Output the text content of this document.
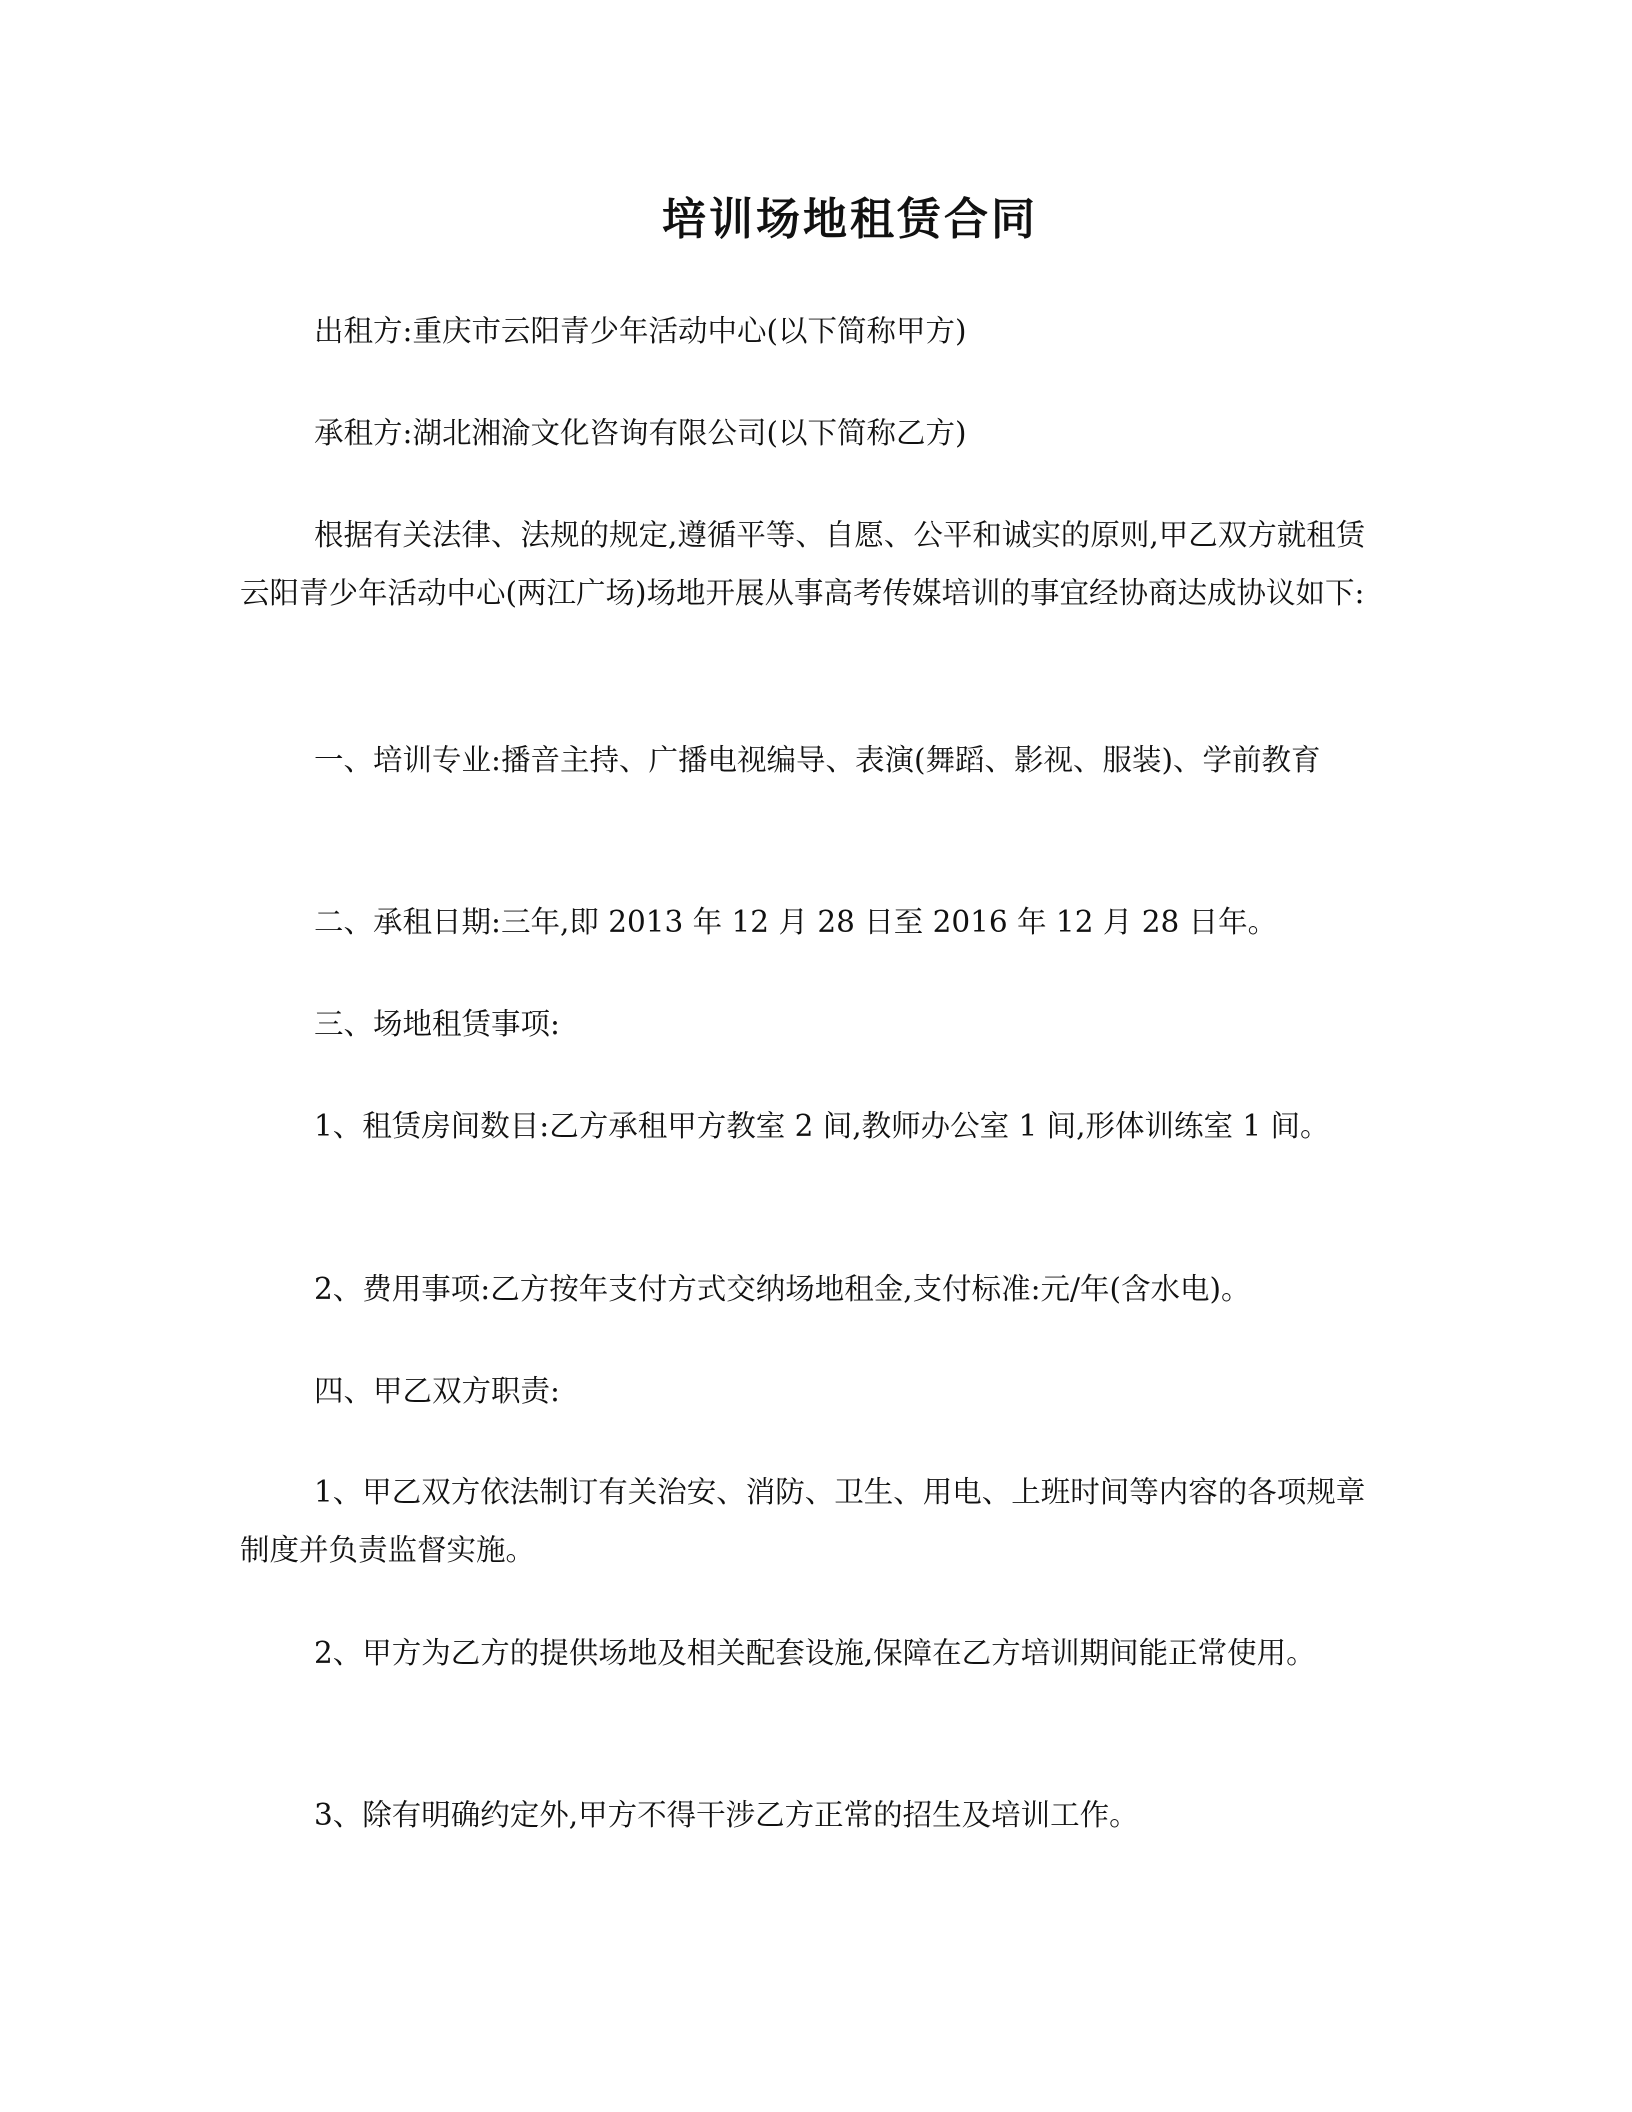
培训场地租赁合同
出租方:重庆市云阳青少年活动中心(以下简称甲方)
承租方:湖北湘渝文化咨询有限公司(以下简称乙方)
根据有关法律、法规的规定,遵循平等、自愿、公平和诚实的原则,甲乙双方就租赁云阳青少年活动中心(两江广场)场地开展从事高考传媒培训的事宜经协商达成协议如下:
一、培训专业:播音主持、广播电视编导、表演(舞蹈、影视、服装)、学前教育
二、承租日期:三年,即 2013 年 12 月 28 日至 2016 年 12 月 28 日年。
三、场地租赁事项:
1、租赁房间数目:乙方承租甲方教室 2 间,教师办公室 1 间,形体训练室 1 间。
2、费用事项:乙方按年支付方式交纳场地租金,支付标准:元/年(含水电)。
四、甲乙双方职责:
1、甲乙双方依法制订有关治安、消防、卫生、用电、上班时间等内容的各项规章制度并负责监督实施。
2、甲方为乙方的提供场地及相关配套设施,保障在乙方培训期间能正常使用。
3、除有明确约定外,甲方不得干涉乙方正常的招生及培训工作。
